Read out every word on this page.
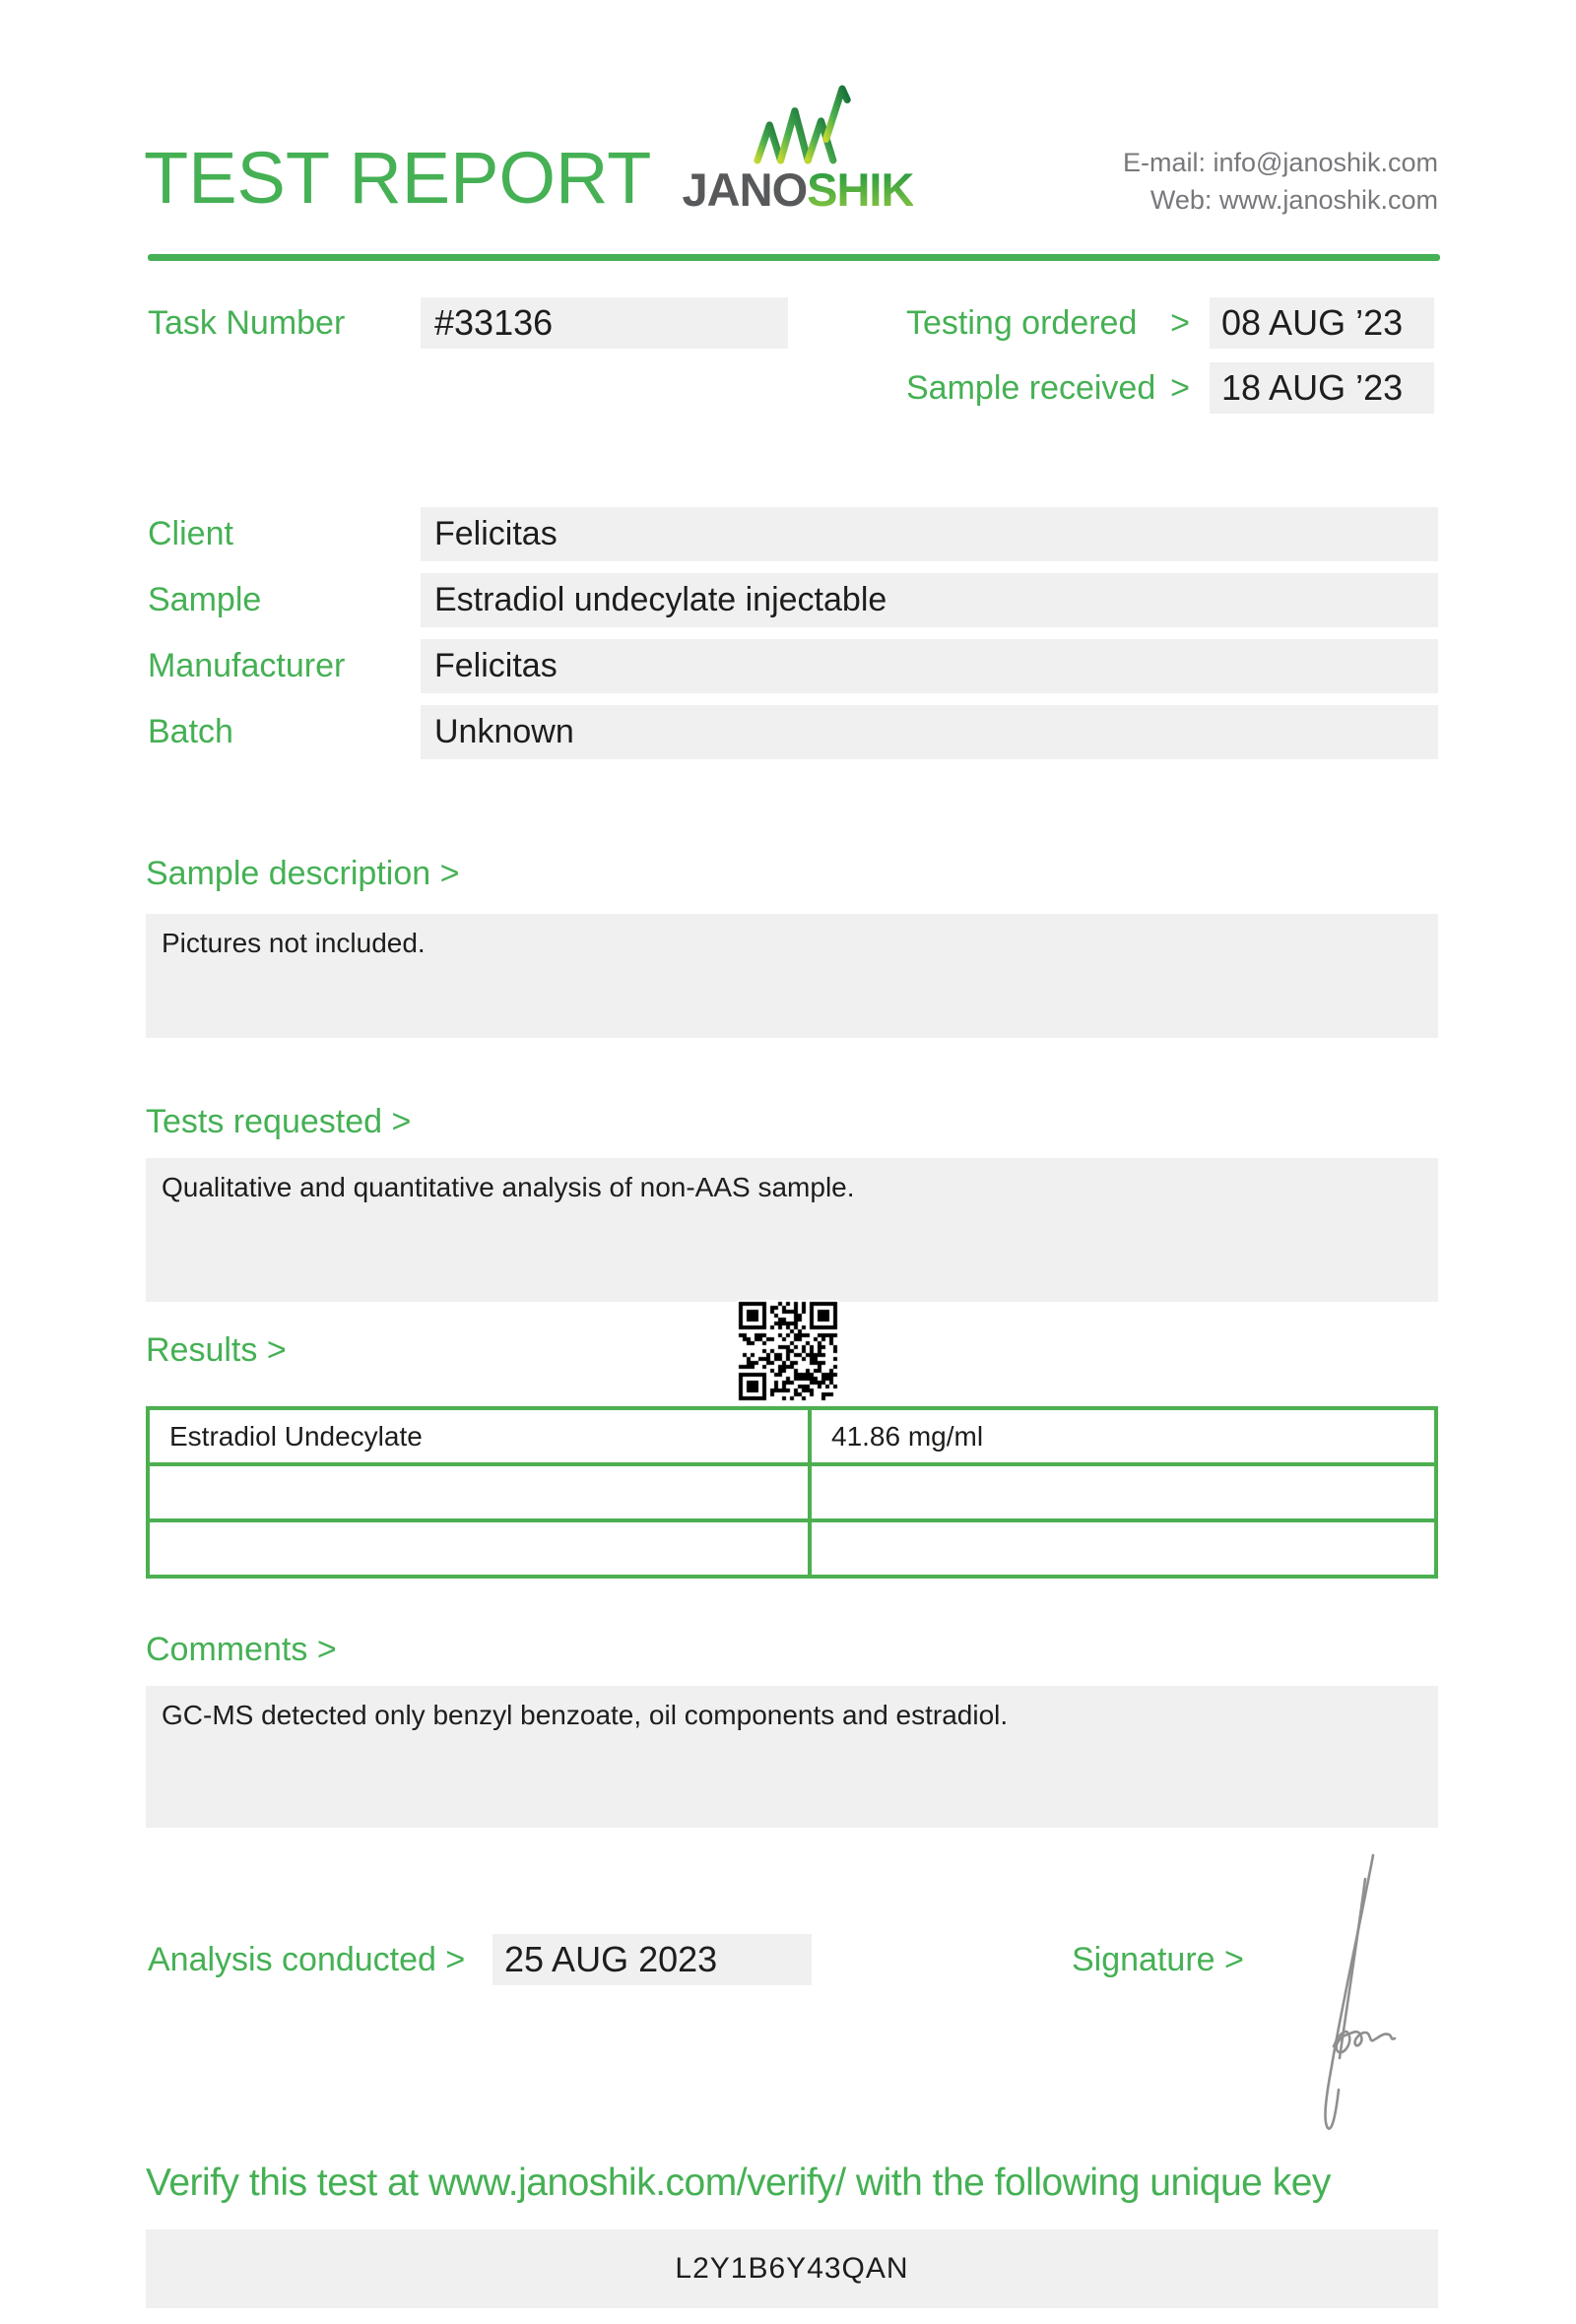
TEST REPORT JANOSHIK
E-mail: info@janoshik.com
Web: www.janoshik.com
Task Number	#33136	Testing ordered > 08 AUG ’23
Sample received > 18 AUG ’23
Client	Felicitas
Sample	Estradiol undecylate injectable
Manufacturer	Felicitas
Batch	Unknown
Sample description >
Pictures not included.
Tests requested >
Qualitative and quantitative analysis of non-AAS sample.
Results >
Estradiol Undecylate	41.86 mg/ml

Comments >
GC-MS detected only benzyl benzoate, oil components and estradiol.
Analysis conducted >	25 AUG 2023	Signature >
Verify this test at www.janoshik.com/verify/ with the following unique key
L2Y1B6Y43QAN
